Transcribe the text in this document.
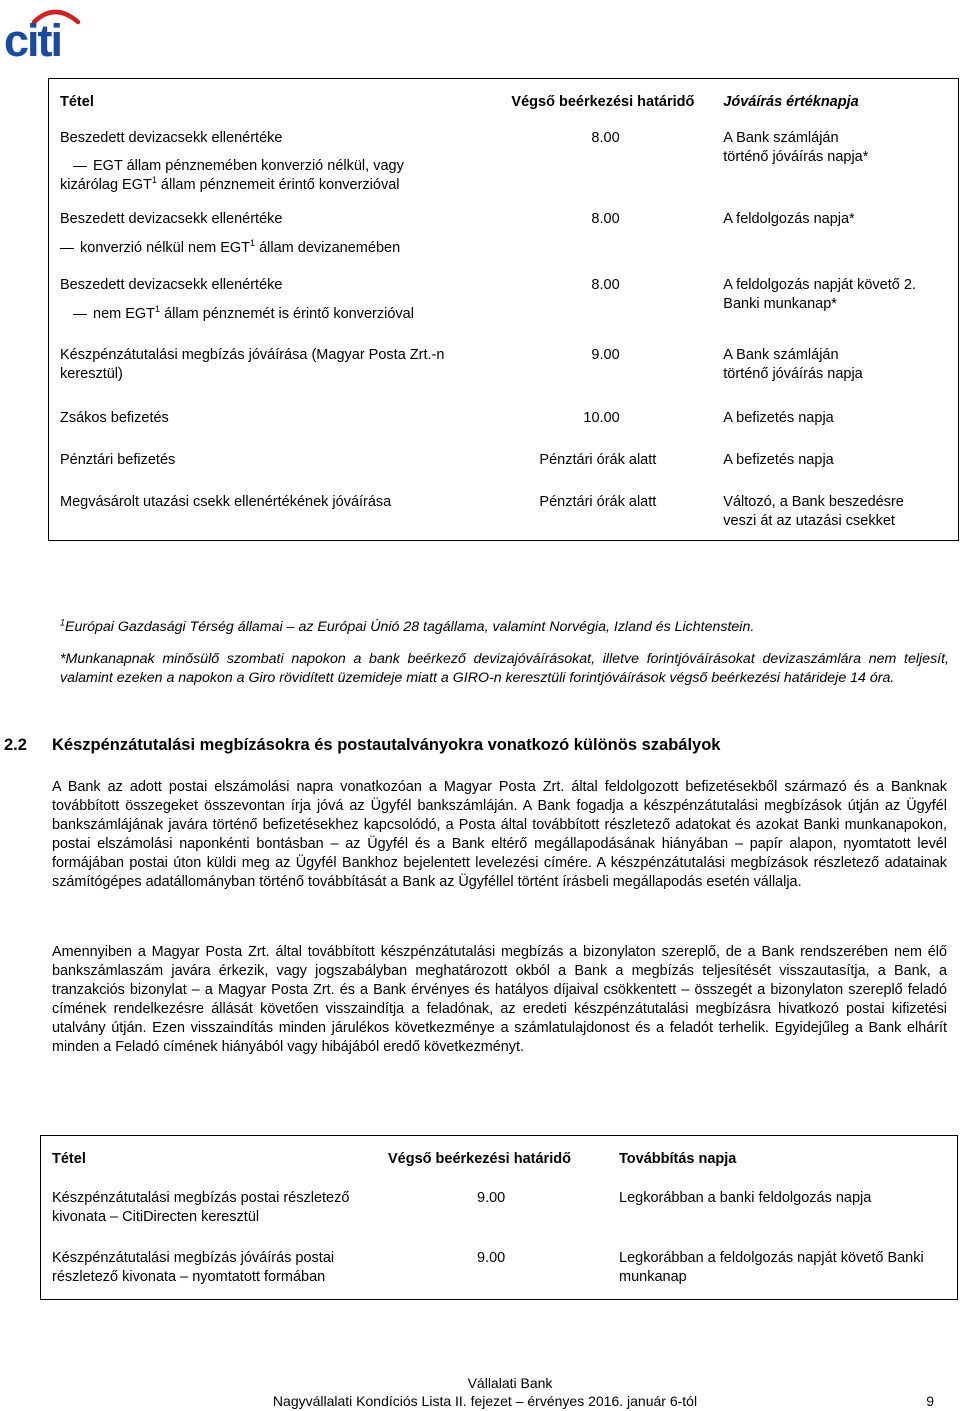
citi
Tétel	Végső beérkezési határidő	Jóváírás értéknapja

Beszedett devizacsekk ellenértéke
EGT állam pénznemében konverzió nélkül, vagy
kizárólag EGT$^1$ állam pénznemeit érintő konverzióval	8.00	A Bank számláján történő jóváírás napja*

Beszedett devizacsekk ellenértéke
konverzió nélkül nem EGT$^1$ állam devizanemében	8.00	A feldolgozás napja*

Beszedett devizacsekk ellenértéke
nem EGT$^1$ állam pénznemét is érintő konverzióval	8.00	A feldolgozás napját követő 2. Banki munkanap*
Készpénzátutalási megbízás jóváírása (Magyar Posta Zrt.-n keresztül)	9.00	A Bank számláján történő jóváírás napja
Zsákos befizetés	10.00	A befizetés napja
Pénztári befizetés	Pénztári órák alatt	A befizetés napja
Megvásárolt utazási csekk ellenértékének jóváírása	Pénztári órák alatt	Változó, a Bank beszedésre veszi át az utazási csekket
$^1$Európai Gazdasági Térség államai – az Európai Únió 28 tagállama, valamint Norvégia, Izland és Lichtenstein.
*Munkanapnak minősülő szombati napokon a bank beérkező devizajóváírásokat, illetve forintjóváírásokat devizaszámlára nem teljesít, valamint ezeken a napokon a Giro rövidített üzemideje miatt a GIRO-n keresztüli forintjóváírások végső beérkezési határideje 14 óra.
2.2 Készpénzátutalási megbízásokra és postautalványokra vonatkozó különös szabályok
A Bank az adott postai elszámolási napra vonatkozóan a Magyar Posta Zrt. által feldolgozott befizetésekből származó és a Banknak továbbított összegeket összevontan írja jóvá az Ügyfél bankszámláján. A Bank fogadja a készpénzátutalási megbízások útján az Ügyfél bankszámlájának javára történő befizetésekhez kapcsolódó, a Posta által továbbított részletező adatokat és azokat Banki munkanapokon, postai elszámolási naponkénti bontásban – az Ügyfél és a Bank eltérő megállapodásának hiányában – papír alapon, nyomtatott levél formájában postai úton küldi meg az Ügyfél Bankhoz bejelentett levelezési címére. A készpénzátutalási megbízások részletező adatainak számítógépes adatállományban történő továbbítását a Bank az Ügyféllel történt írásbeli megállapodás esetén vállalja.
Amennyiben a Magyar Posta Zrt. által továbbított készpénzátutalási megbízás a bizonylaton szereplő, de a Bank rendszerében nem élő bankszámlaszám javára érkezik, vagy jogszabályban meghatározott okból a Bank a megbízás teljesítését visszautasítja, a Bank, a tranzakciós bizonylat – a Magyar Posta Zrt. és a Bank érvényes és hatályos díjaival csökkentett – összegét a bizonylaton szereplő feladó címének rendelkezésre állását követően visszaindítja a feladónak, az eredeti készpénzátutalási megbízásra hivatkozó postai kifizetési utalvány útján. Ezen visszaindítás minden járulékos következménye a számlatulajdonost és a feladót terhelik. Egyidejűleg a Bank elhárít minden a Feladó címének hiányából vagy hibájából eredő következményt.
Tétel	Végső beérkezési határidő	Továbbítás napja
Készpénzátutalási megbízás postai részletező kivonata – CitiDirecten keresztül	9.00	Legkorábban a banki feldolgozás napja
Készpénzátutalási megbízás jóváírás postai részletező kivonata – nyomtatott formában	9.00	Legkorábban a feldolgozás napját követő Banki munkanap
Vállalati Bank
Nagyvállalati Kondíciós Lista II. fejezet – érvényes 2016. január 6-tól	9
